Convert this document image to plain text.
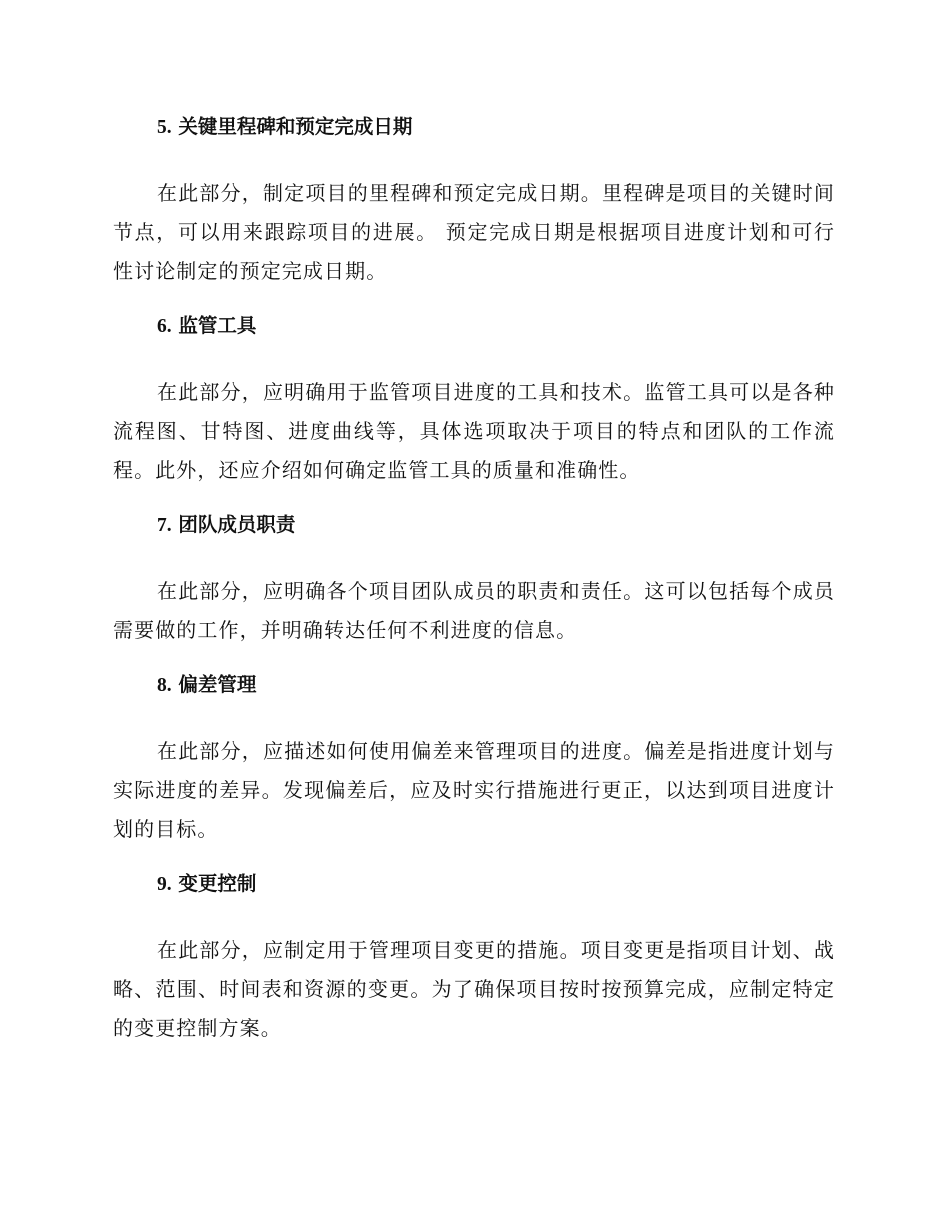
5. 关键里程碑和预定完成日期

在此部分，制定项目的里程碑和预定完成日期。里程碑是项目的关键时间节点，可以用来跟踪项目的进展。 预定完成日期是根据项目进度计划和可行性讨论制定的预定完成日期。

6. 监管工具

在此部分，应明确用于监管项目进度的工具和技术。监管工具可以是各种流程图、甘特图、进度曲线等，具体选项取决于项目的特点和团队的工作流程。此外，还应介绍如何确定监管工具的质量和准确性。

7. 团队成员职责

在此部分，应明确各个项目团队成员的职责和责任。这可以包括每个成员需要做的工作，并明确转达任何不利进度的信息。

8. 偏差管理

在此部分，应描述如何使用偏差来管理项目的进度。偏差是指进度计划与实际进度的差异。发现偏差后，应及时实行措施进行更正，以达到项目进度计划的目标。

9. 变更控制

在此部分，应制定用于管理项目变更的措施。项目变更是指项目计划、战略、范围、时间表和资源的变更。为了确保项目按时按预算完成，应制定特定的变更控制方案。
